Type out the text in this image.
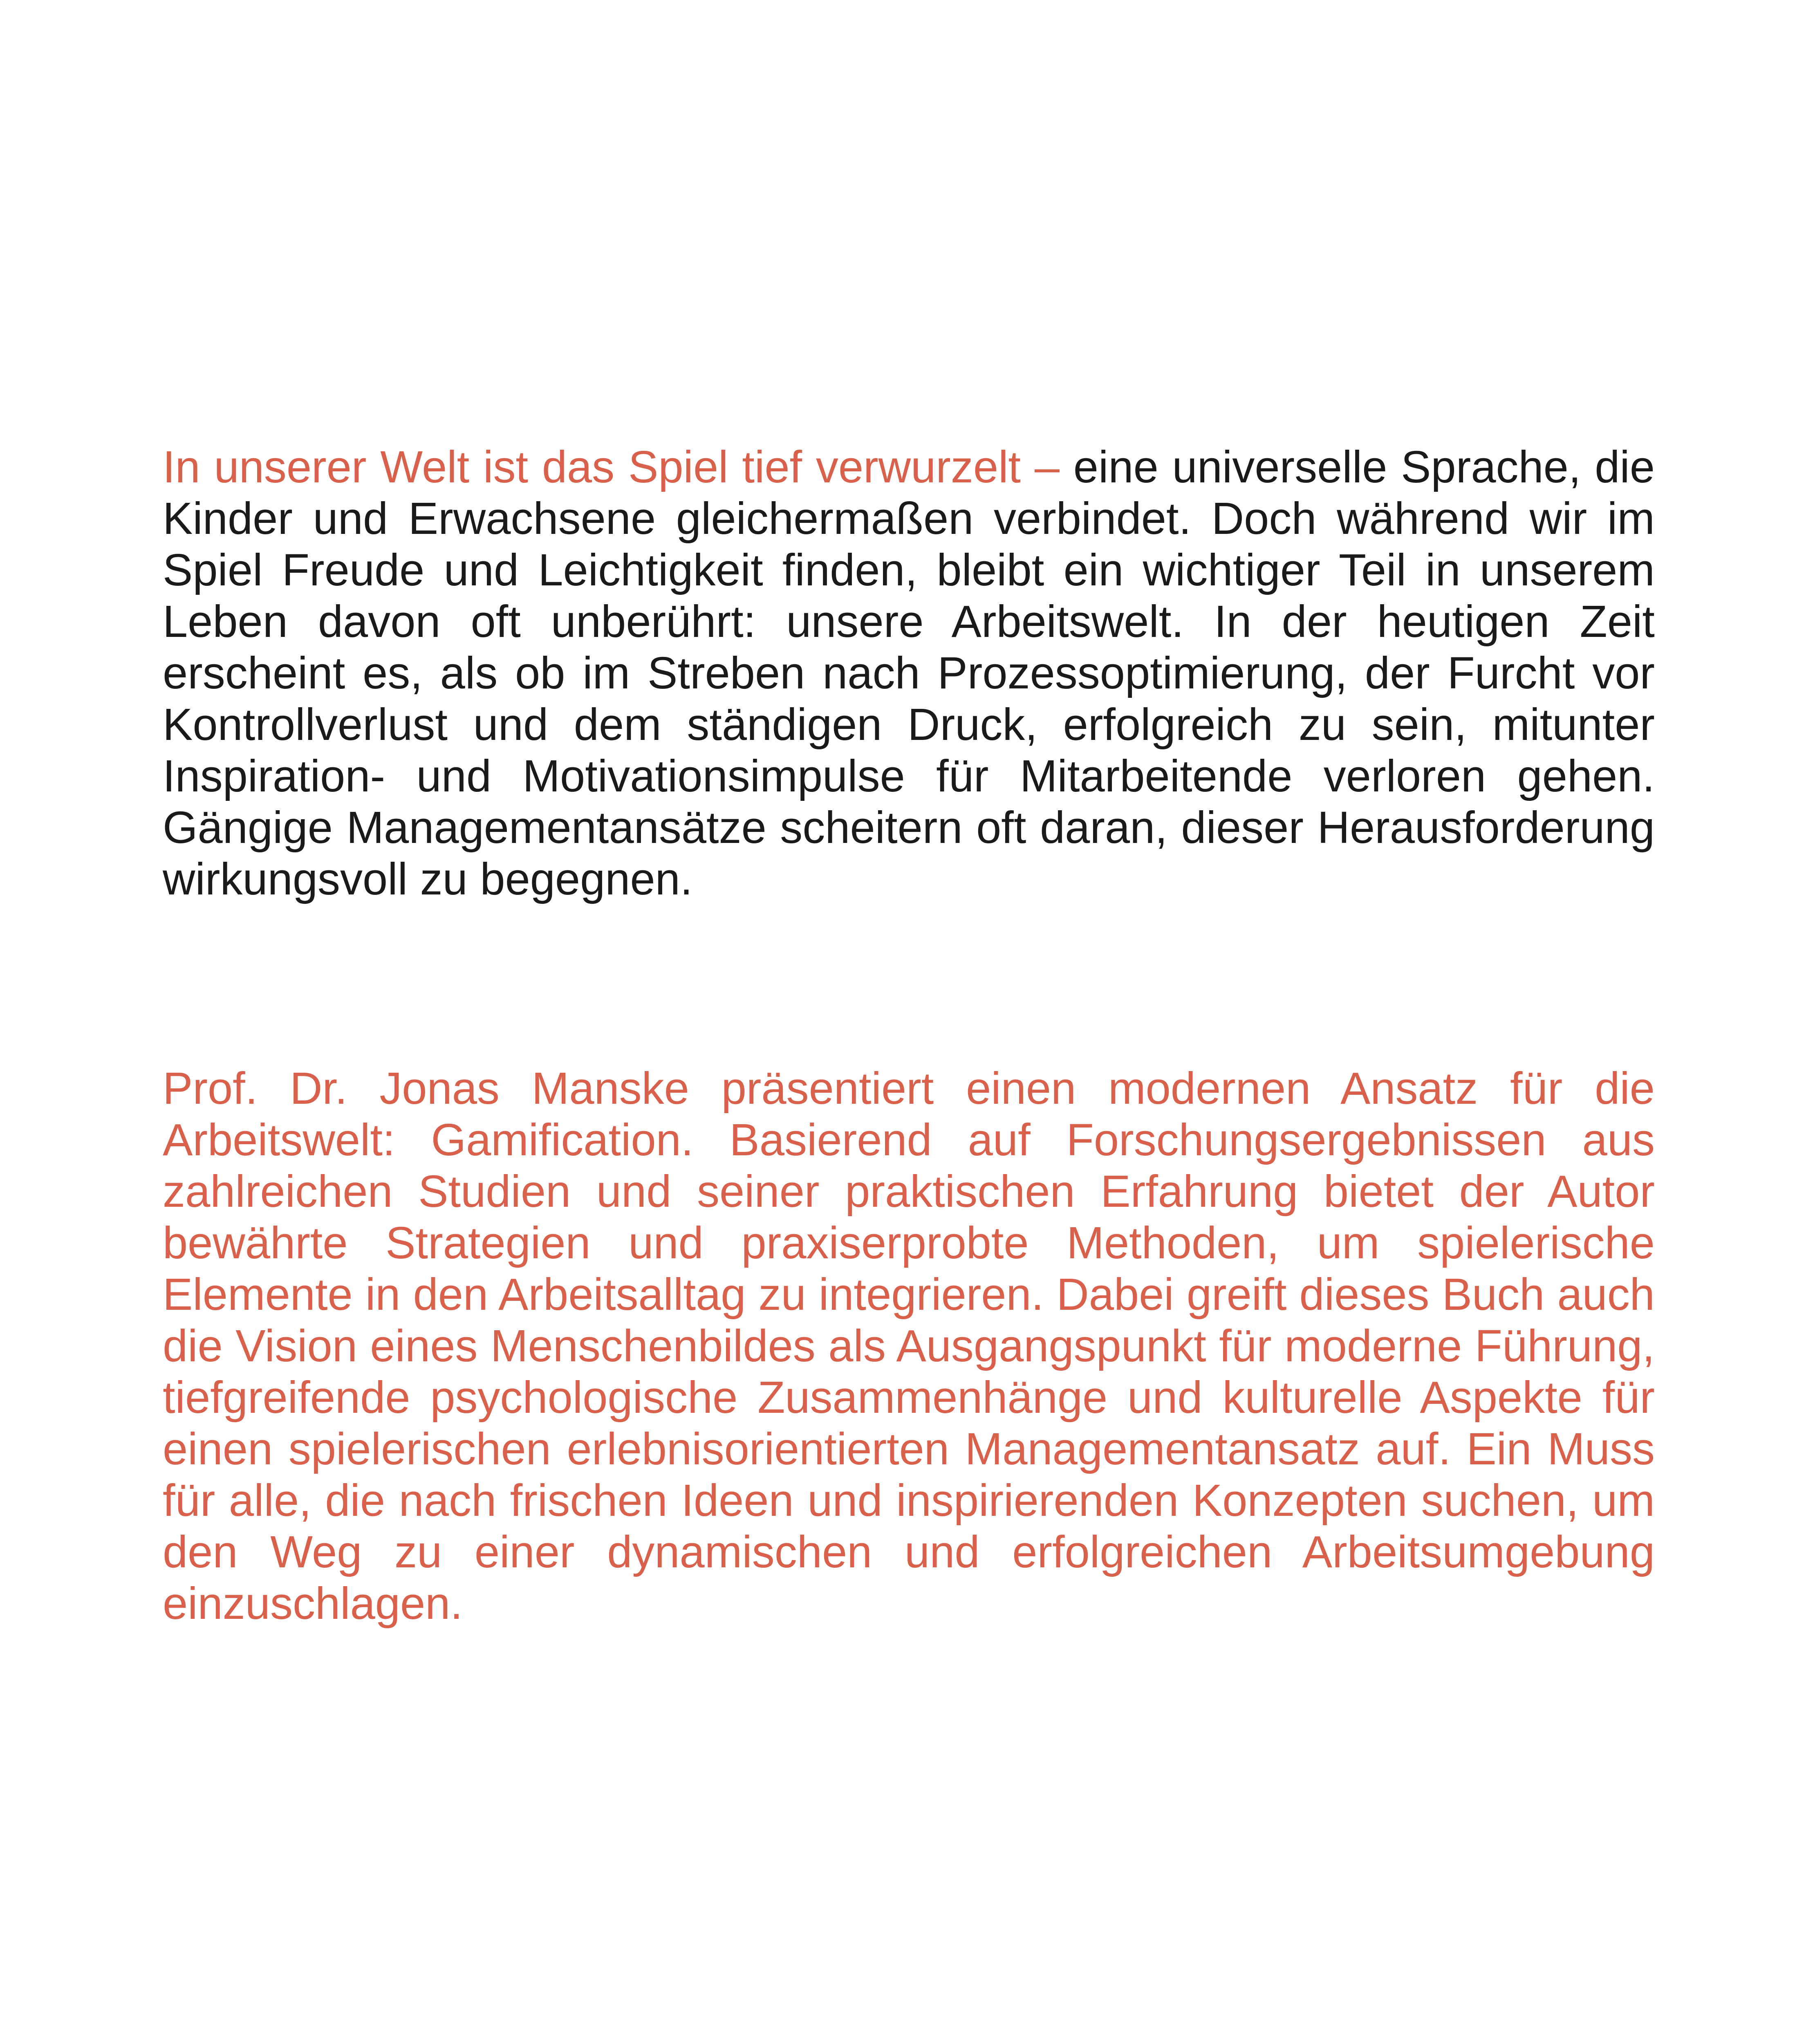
In unserer Welt ist das Spiel tief verwurzelt – eine universelle Sprache, die Kinder und Erwachsene gleichermaßen verbindet. Doch während wir im Spiel Freude und Leichtigkeit finden, bleibt ein wichtiger Teil in unserem Leben davon oft unberührt: unsere Arbeitswelt. In der heutigen Zeit erscheint es, als ob im Streben nach Prozessoptimierung, der Furcht vor Kontrollverlust und dem ständigen Druck, erfolgreich zu sein, mitunter Inspiration- und Motivationsimpulse für Mitarbeitende verloren gehen. Gängige Managementansätze scheitern oft daran, dieser Herausforderung wirkungsvoll zu begegnen.

Prof. Dr. Jonas Manske präsentiert einen modernen Ansatz für die Arbeitswelt: Gamification. Basierend auf Forschungsergebnissen aus zahlreichen Studien und seiner praktischen Erfahrung bietet der Autor bewährte Strategien und praxiserprobte Methoden, um spielerische Elemente in den Arbeitsalltag zu integrieren. Dabei greift dieses Buch auch die Vision eines Menschenbildes als Ausgangspunkt für moderne Führung, tiefgreifende psychologische Zusammenhänge und kulturelle Aspekte für einen spielerischen erlebnisorientierten Managementansatz auf. Ein Muss für alle, die nach frischen Ideen und inspirierenden Konzepten suchen, um den Weg zu einer dynamischen und erfolgreichen Arbeitsumgebung einzuschlagen.
